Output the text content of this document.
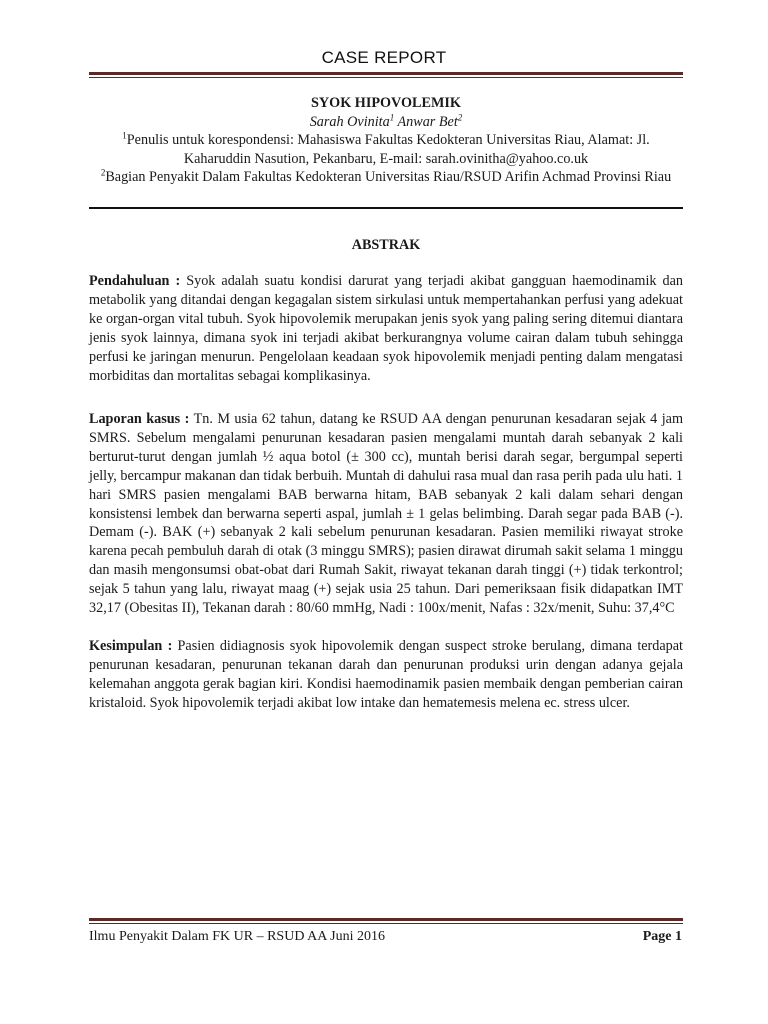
CASE REPORT
SYOK HIPOVOLEMIK
Sarah Ovinita$^1$ Anwar Bet$^2$
$^1$Penulis untuk korespondensi: Mahasiswa Fakultas Kedokteran Universitas Riau, Alamat: Jl. Kaharuddin Nasution, Pekanbaru, E-mail: sarah.ovinitha@yahoo.co.uk
$^2$Bagian Penyakit Dalam Fakultas Kedokteran Universitas Riau/RSUD Arifin Achmad Provinsi Riau
ABSTRAK
Pendahuluan : Syok adalah suatu kondisi darurat yang terjadi akibat gangguan haemodinamik dan metabolik yang ditandai dengan kegagalan sistem sirkulasi untuk mempertahankan perfusi yang adekuat ke organ-organ vital tubuh. Syok hipovolemik merupakan jenis syok yang paling sering ditemui diantara jenis syok lainnya, dimana syok ini terjadi akibat berkurangnya volume cairan dalam tubuh sehingga perfusi ke jaringan menurun. Pengelolaan keadaan syok hipovolemik menjadi penting dalam mengatasi morbiditas dan mortalitas sebagai komplikasinya.
Laporan kasus : Tn. M usia 62 tahun, datang ke RSUD AA dengan penurunan kesadaran sejak 4 jam SMRS. Sebelum mengalami penurunan kesadaran pasien mengalami muntah darah sebanyak 2 kali berturut-turut dengan jumlah ½ aqua botol (± 300 cc), muntah berisi darah segar, bergumpal seperti jelly, bercampur makanan dan tidak berbuih. Muntah di dahului rasa mual dan rasa perih pada ulu hati. 1 hari SMRS pasien mengalami BAB berwarna hitam, BAB sebanyak 2 kali dalam sehari dengan konsistensi lembek dan berwarna seperti aspal, jumlah ± 1 gelas belimbing. Darah segar pada BAB (-). Demam (-). BAK (+) sebanyak 2 kali sebelum penurunan kesadaran. Pasien memiliki riwayat stroke karena pecah pembuluh darah di otak (3 minggu SMRS); pasien dirawat dirumah sakit selama 1 minggu dan masih mengonsumsi obat-obat dari Rumah Sakit, riwayat tekanan darah tinggi (+) tidak terkontrol; sejak 5 tahun yang lalu, riwayat maag (+) sejak usia 25 tahun. Dari pemeriksaan fisik didapatkan IMT 32,17 (Obesitas II), Tekanan darah : 80/60 mmHg, Nadi : 100x/menit, Nafas : 32x/menit, Suhu: 37,4°C
Kesimpulan : Pasien didiagnosis syok hipovolemik dengan suspect stroke berulang, dimana terdapat penurunan kesadaran, penurunan tekanan darah dan penurunan produksi urin dengan adanya gejala kelemahan anggota gerak bagian kiri. Kondisi haemodinamik pasien membaik dengan pemberian cairan kristaloid. Syok hipovolemik terjadi akibat low intake dan hematemesis melena ec. stress ulcer.
Ilmu Penyakit Dalam FK UR – RSUD AA Juni 2016	Page 1
